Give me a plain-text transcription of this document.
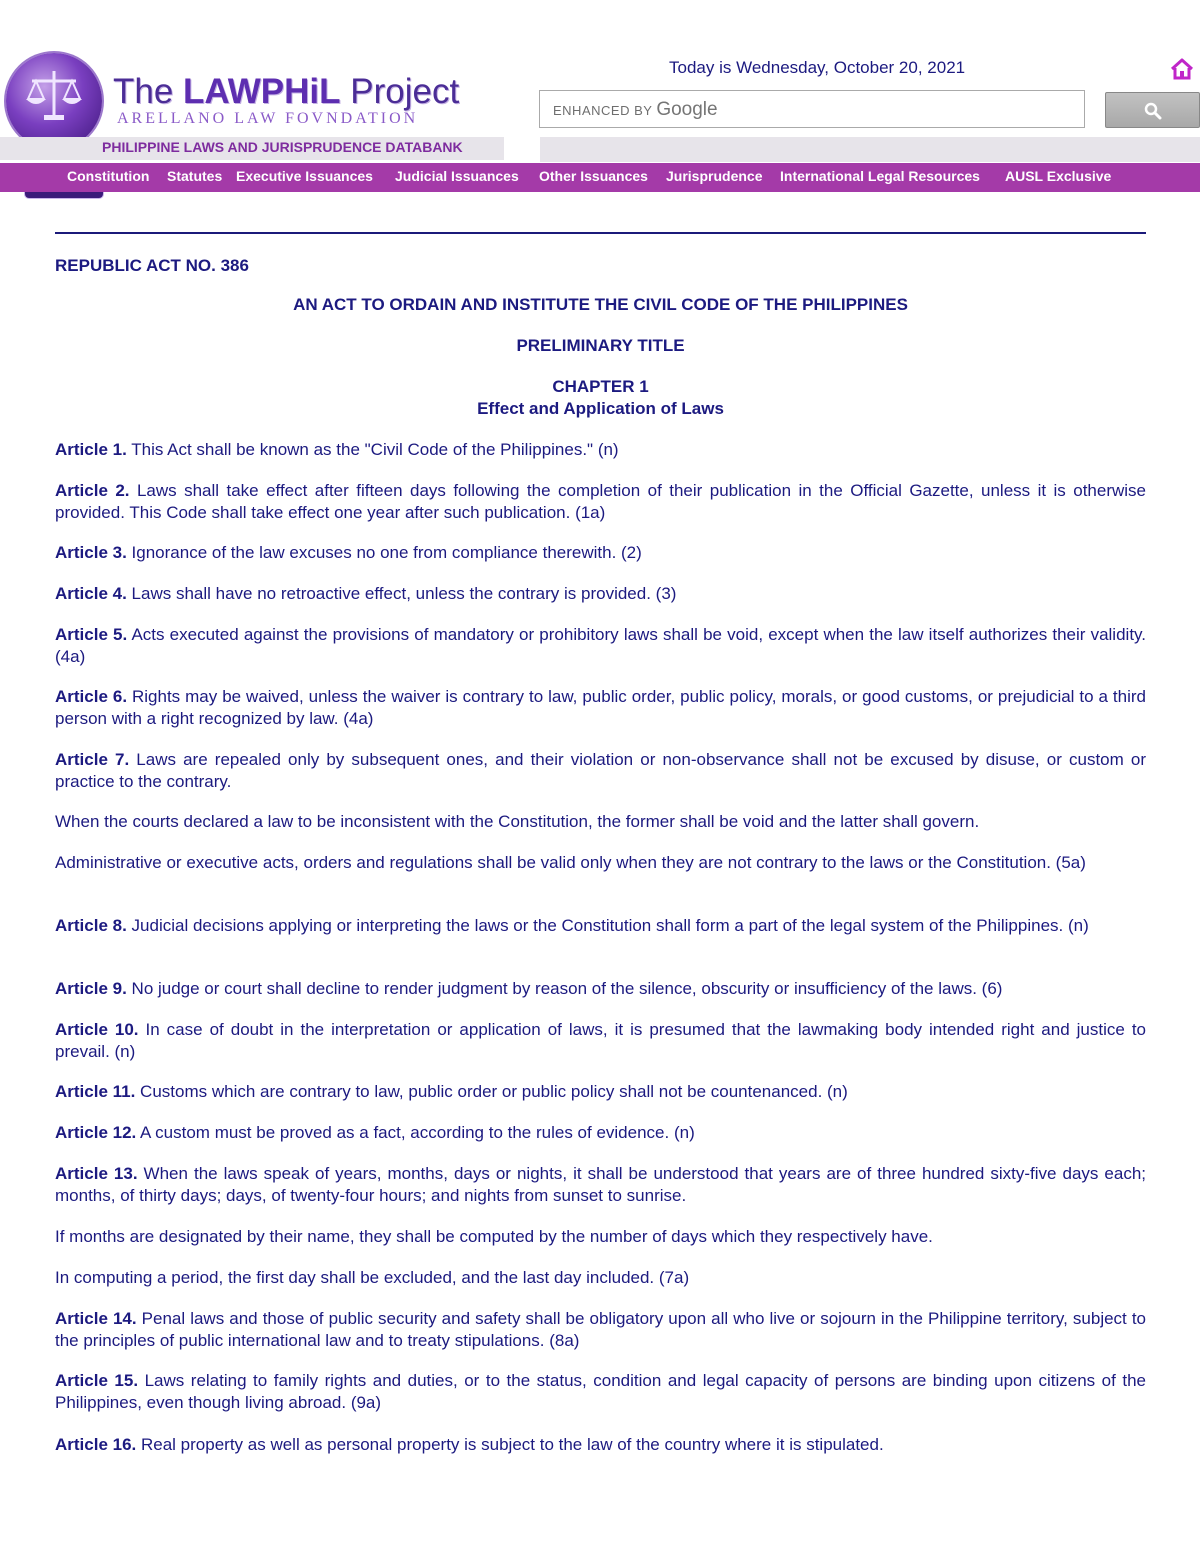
The LAWPHiL Project
ARELLANO LAW FOVNDATION
PHILIPPINE LAWS AND JURISPRUDENCE DATABANK
Today is Wednesday, October 20, 2021
ENHANCED BY Google
Constitution Statutes Executive Issuances Judicial Issuances Other Issuances Jurisprudence International Legal Resources AUSL Exclusive
REPUBLIC ACT NO. 386
AN ACT TO ORDAIN AND INSTITUTE THE CIVIL CODE OF THE PHILIPPINES
PRELIMINARY TITLE
CHAPTER 1
Effect and Application of Laws
Article 1. This Act shall be known as the "Civil Code of the Philippines." (n)
Article 2. Laws shall take effect after fifteen days following the completion of their publication in the Official Gazette, unless it is otherwise provided. This Code shall take effect one year after such publication. (1a)
Article 3. Ignorance of the law excuses no one from compliance therewith. (2)
Article 4. Laws shall have no retroactive effect, unless the contrary is provided. (3)
Article 5. Acts executed against the provisions of mandatory or prohibitory laws shall be void, except when the law itself authorizes their validity. (4a)
Article 6. Rights may be waived, unless the waiver is contrary to law, public order, public policy, morals, or good customs, or prejudicial to a third person with a right recognized by law. (4a)
Article 7. Laws are repealed only by subsequent ones, and their violation or non-observance shall not be excused by disuse, or custom or practice to the contrary.
When the courts declared a law to be inconsistent with the Constitution, the former shall be void and the latter shall govern.
Administrative or executive acts, orders and regulations shall be valid only when they are not contrary to the laws or the Constitution. (5a)
Article 8. Judicial decisions applying or interpreting the laws or the Constitution shall form a part of the legal system of the Philippines. (n)
Article 9. No judge or court shall decline to render judgment by reason of the silence, obscurity or insufficiency of the laws. (6)
Article 10. In case of doubt in the interpretation or application of laws, it is presumed that the lawmaking body intended right and justice to prevail. (n)
Article 11. Customs which are contrary to law, public order or public policy shall not be countenanced. (n)
Article 12. A custom must be proved as a fact, according to the rules of evidence. (n)
Article 13. When the laws speak of years, months, days or nights, it shall be understood that years are of three hundred sixty-five days each; months, of thirty days; days, of twenty-four hours; and nights from sunset to sunrise.
If months are designated by their name, they shall be computed by the number of days which they respectively have.
In computing a period, the first day shall be excluded, and the last day included. (7a)
Article 14. Penal laws and those of public security and safety shall be obligatory upon all who live or sojourn in the Philippine territory, subject to the principles of public international law and to treaty stipulations. (8a)
Article 15. Laws relating to family rights and duties, or to the status, condition and legal capacity of persons are binding upon citizens of the Philippines, even though living abroad. (9a)
Article 16. Real property as well as personal property is subject to the law of the country where it is stipulated.
